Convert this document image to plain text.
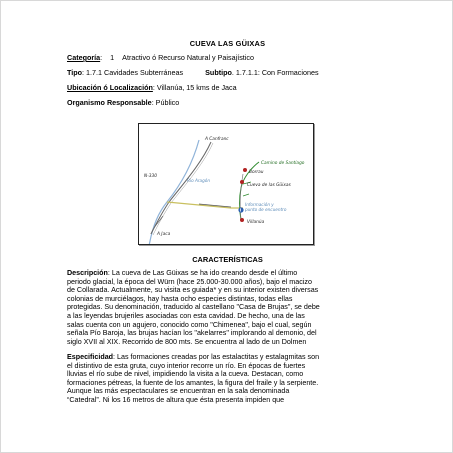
CUEVA LAS GÜIXAS
Categoría: 1 Atractivo ó Recurso Natural y Paisajístico
Tipo: 1.7.1 Cavidades Subterráneas	Subtipo. 1.7.1.1: Con Formaciones
Ubicación ó Localización: Villanúa, 15 kms de Jaca
Organismo Responsable: Público
i
A Canfranc
N-330
Rio Aragón
A Jaca
Camino de Santiago
Borrau
Cueva de las Güixas
Información y
punto de encuentro
Villanúa
CARACTERÍSTICAS
Descripción: La cueva de Las Güixas se ha ido creando desde el último
periodo glacial, la época del Würn (hace 25.000-30.000 años), bajo el macizo
de Collarada. Actualmente, su visita es guiada* y en su interior existen diversas
colonias de murciélagos, hay hasta ocho especies distintas, todas ellas
protegidas. Su denominación, traducido al castellano "Casa de Brujas", se debe
a las leyendas brujeriles asociadas con esta cavidad. De hecho, una de las
salas cuenta con un agujero, conocido como "Chimenea", bajo el cual, según
señala Pío Baroja, las brujas hacían los "akelarres" implorando al demonio, del
siglo XVII al XIX. Recorrido de 800 mts. Se encuentra al lado de un Dolmen
Especificidad: Las formaciones creadas por las estalactitas y estalagmitas son
el distintivo de esta gruta, cuyo interior recorre un río. En épocas de fuertes
lluvias el río sube de nivel, impidiendo la visita a la cueva. Destacan, como
formaciones pétreas, la fuente de los amantes, la figura del fraile y la serpiente.
Aunque las más espectaculares se encuentran en la sala denominada
“Catedral”. Ni los 16 metros de altura que ésta presenta impiden que
